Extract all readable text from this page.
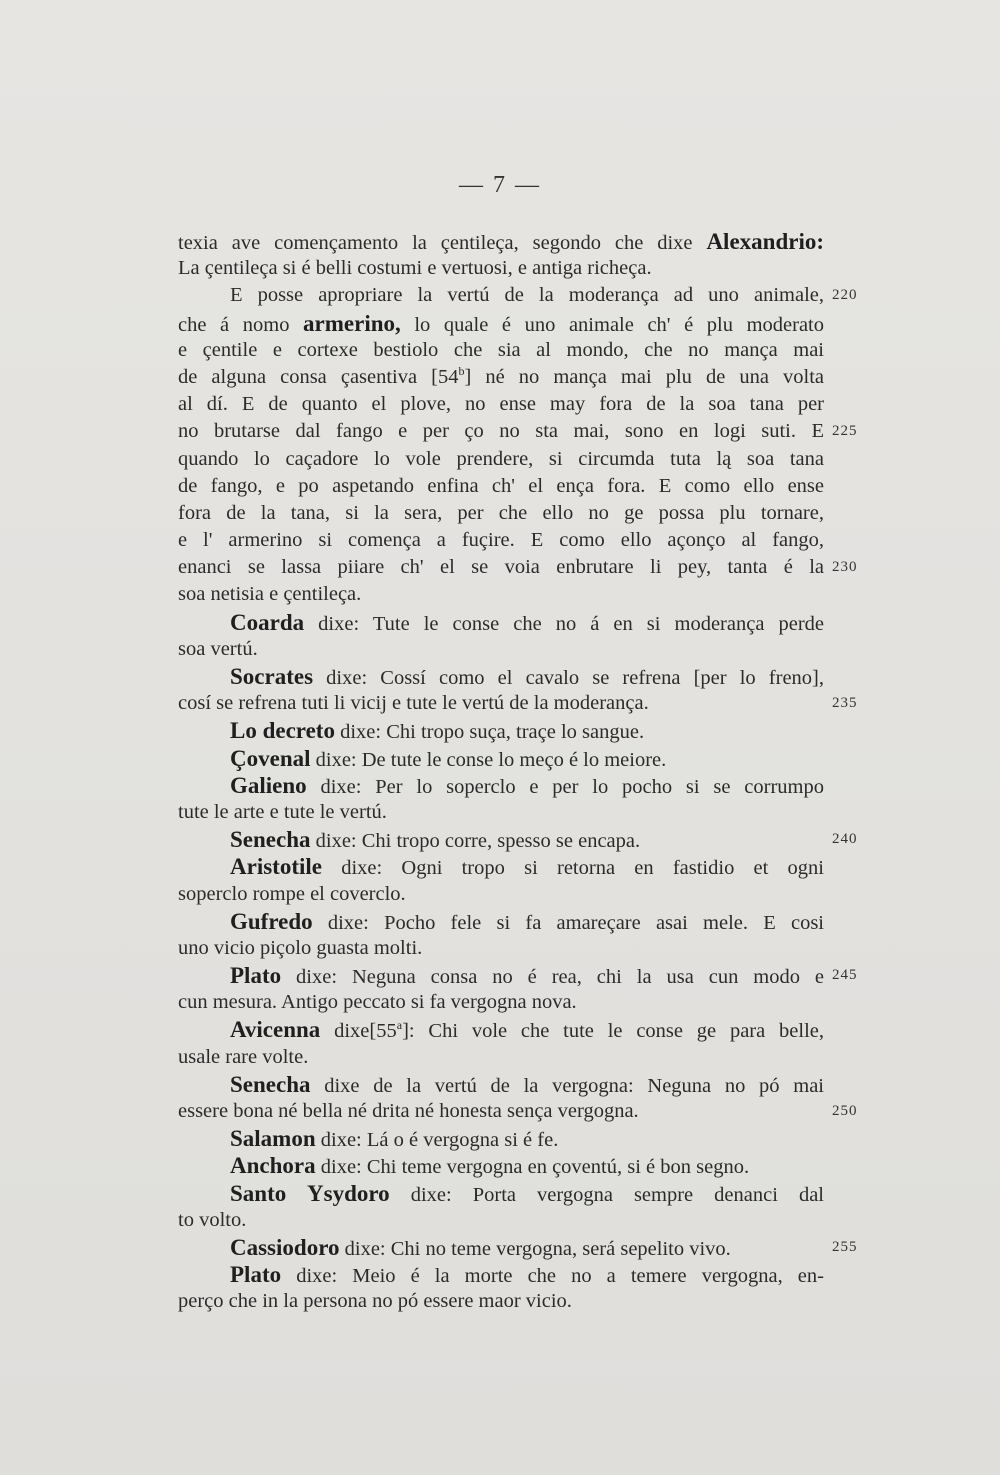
— 7 —
texia ave començamento la çentileça, segondo che dixe Alexandrio:
La çentileça si é belli costumi e vertuosi, e antiga richeça.
E posse apropriare la vertú de la moderança ad uno animale, 220
che á nomo armerino, lo quale é uno animale ch' é plu moderato
e çentile e cortexe bestiolo che sia al mondo, che no mança mai
de alguna consa çasentiva [54$^b$] né no mança mai plu de una volta
al dí. E de quanto el plove, no ense may fora de la soa tana per
no brutarse dal fango e per ço no sta mai, sono en logi suti. E 225
quando lo caçadore lo vole prendere, si circumda tuta lą soa tana
de fango, e po aspetando enfina ch' el ença fora. E como ello ense
fora de la tana, si la sera, per che ello no ge possa plu tornare,
e l' armerino si comença a fuçire. E como ello açonço al fango,
enanci se lassa piiare ch' el se voia enbrutare li pey, tanta é la 230
soa netisia e çentileça.
Coarda dixe: Tute le conse che no á en si moderança perde
soa vertú.
Socrates dixe: Cossí como el cavalo se refrena [per lo freno],
cosí se refrena tuti li vicij e tute le vertú de la moderança.	235
Lo decreto dixe: Chi tropo suça, traçe lo sangue.
Çovenal dixe: De tute le conse lo meço é lo meiore.
Galieno dixe: Per lo soperclo e per lo pocho si se corrumpo
tute le arte e tute le vertú.
Senecha dixe: Chi tropo corre, spesso se encapa.	240
Aristotile dixe: Ogni tropo si retorna en fastidio et ogni
soperclo rompe el coverclo.
Gufredo dixe: Pocho fele si fa amareçare asai mele. E cosi
uno vicio piçolo guasta molti.
Plato dixe: Neguna consa no é rea, chi la usa cun modo e 245
cun mesura. Antigo peccato si fa vergogna nova.
Avicenna dixe[55$^a$]: Chi vole che tute le conse ge para belle,
usale rare volte.
Senecha dixe de la vertú de la vergogna: Neguna no pó mai
essere bona né bella né drita né honesta sença vergogna.	250
Salamon dixe: Lá o é vergogna si é fe.
Anchora dixe: Chi teme vergogna en çoventú, si é bon segno.
Santo Ysydoro dixe: Porta vergogna sempre denanci dal
to volto.
Cassiodoro dixe: Chi no teme vergogna, será sepelito vivo.	255
Plato dixe: Meio é la morte che no a temere vergogna, en-
perço che in la persona no pó essere maor vicio.
